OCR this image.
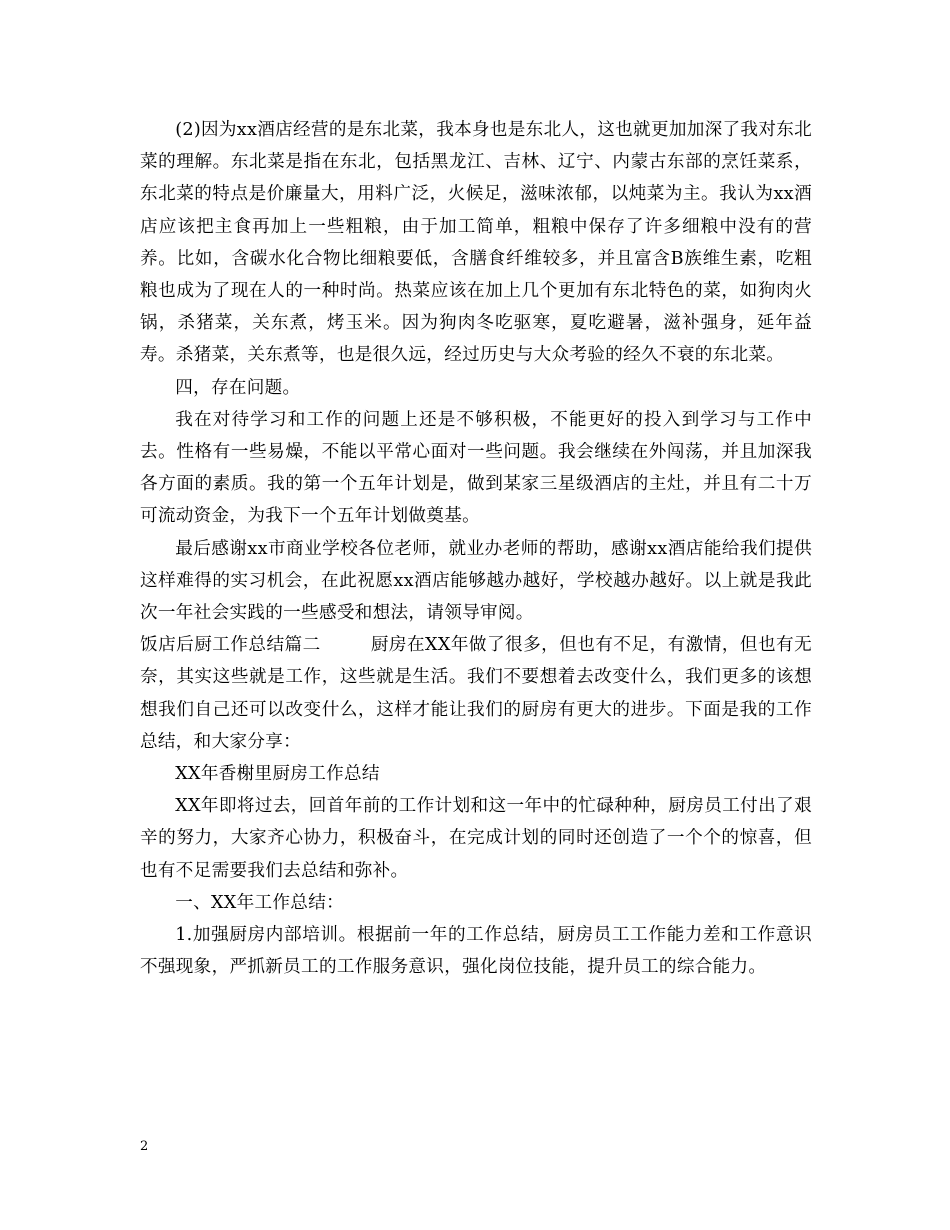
(2)因为xx酒店经营的是东北菜，我本身也是东北人，这也就更加加深了我对东北菜的理解。东北菜是指在东北，包括黑龙江、吉林、辽宁、内蒙古东部的烹饪菜系，东北菜的特点是价廉量大，用料广泛，火候足，滋味浓郁，以炖菜为主。我认为xx酒店应该把主食再加上一些粗粮，由于加工简单，粗粮中保存了许多细粮中没有的营养。比如，含碳水化合物比细粮要低，含膳食纤维较多，并且富含B族维生素，吃粗粮也成为了现在人的一种时尚。热菜应该在加上几个更加有东北特色的菜，如狗肉火锅，杀猪菜，关东煮，烤玉米。因为狗肉冬吃驱寒，夏吃避暑，滋补强身，延年益寿。杀猪菜，关东煮等，也是很久远，经过历史与大众考验的经久不衰的东北菜。

四，存在问题。

我在对待学习和工作的问题上还是不够积极，不能更好的投入到学习与工作中去。性格有一些易燥，不能以平常心面对一些问题。我会继续在外闯荡，并且加深我各方面的素质。我的第一个五年计划是，做到某家三星级酒店的主灶，并且有二十万可流动资金，为我下一个五年计划做奠基。

最后感谢xx市商业学校各位老师，就业办老师的帮助，感谢xx酒店能给我们提供这样难得的实习机会，在此祝愿xx酒店能够越办越好，学校越办越好。以上就是我此次一年社会实践的一些感受和想法，请领导审阅。

饭店后厨工作总结篇二	厨房在XX年做了很多，但也有不足，有激情，但也有无奈，其实这些就是工作，这些就是生活。我们不要想着去改变什么，我们更多的该想想我们自己还可以改变什么，这样才能让我们的厨房有更大的进步。下面是我的工作总结，和大家分享：

XX年香榭里厨房工作总结

XX年即将过去，回首年前的工作计划和这一年中的忙碌种种，厨房员工付出了艰辛的努力，大家齐心协力，积极奋斗，在完成计划的同时还创造了一个个的惊喜，但也有不足需要我们去总结和弥补。

一、XX年工作总结：

1.加强厨房内部培训。根据前一年的工作总结，厨房员工工作能力差和工作意识不强现象，严抓新员工的工作服务意识，强化岗位技能，提升员工的综合能力。

2
